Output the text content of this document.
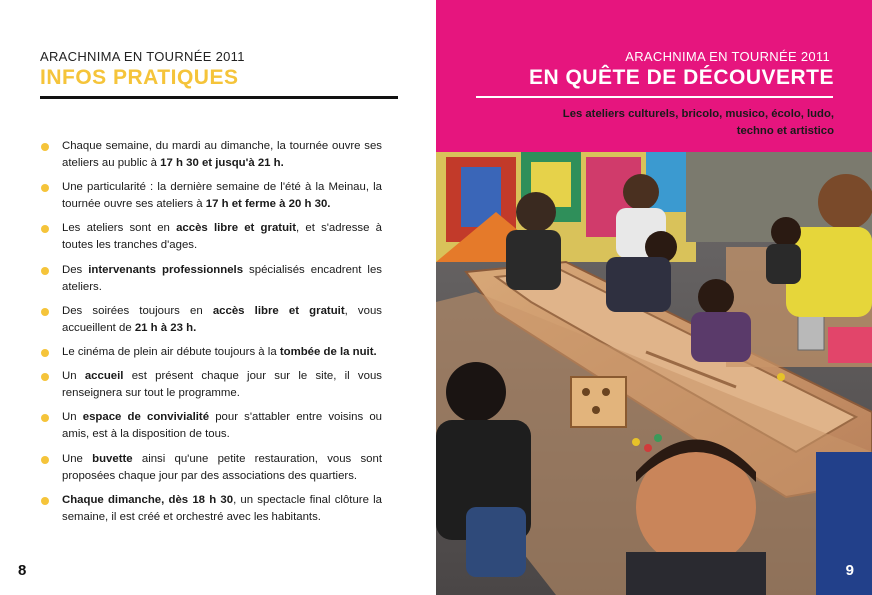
ARACHNIMA EN TOURNÉE 2011
INFOS PRATIQUES
Chaque semaine, du mardi au dimanche, la tournée ouvre ses ateliers au public à 17 h 30 et jusqu'à 21 h.
Une particularité : la dernière semaine de l'été à la Meinau, la tournée ouvre ses ateliers à 17 h et ferme à 20 h 30.
Les ateliers sont en accès libre et gratuit, et s'adresse à toutes les tranches d'ages.
Des intervenants professionnels spécialisés encadrent les ateliers.
Des soirées toujours en accès libre et gratuit, vous accueillent de 21 h à 23 h.
Le cinéma de plein air débute toujours à la tombée de la nuit.
Un accueil est présent chaque jour sur le site, il vous renseignera sur tout le programme.
Un espace de convivialité pour s'attabler entre voisins ou amis, est à la disposition de tous.
Une buvette ainsi qu'une petite restauration, vous sont proposées chaque jour par des associations des quartiers.
Chaque dimanche, dès 18 h 30, un spectacle final clôture la semaine, il est créé et orchestré avec les habitants.
8
ARACHNIMA EN TOURNÉE 2011
EN QUÊTE DE DÉCOUVERTE
Les ateliers culturels, bricolo, musico, écolo, ludo, techno et artistico
9
